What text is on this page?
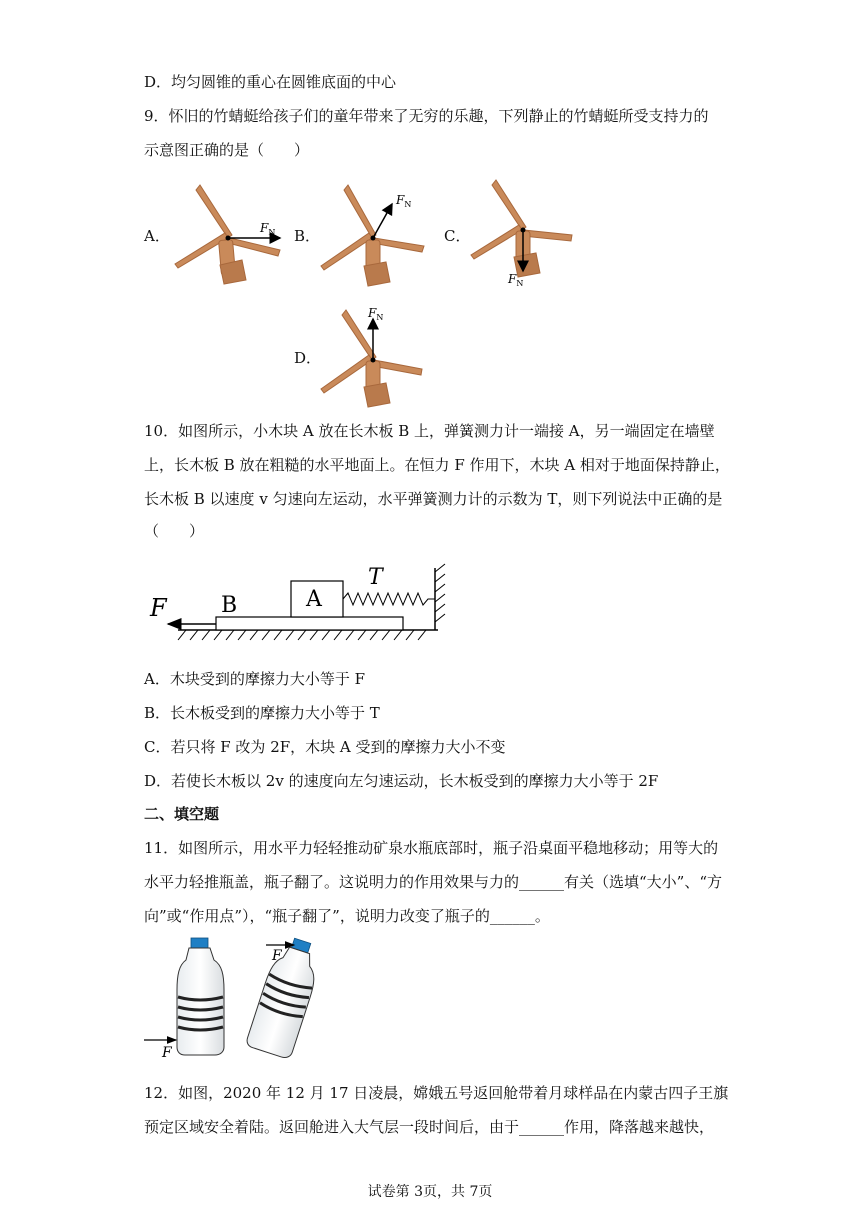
D．均匀圆锥的重心在圆锥底面的中心
9．怀旧的竹蜻蜓给孩子们的童年带来了无穷的乐趣，下列静止的竹蜻蜓所受支持力的
示意图正确的是（　　）
A．	B．	C．
D．
$F_N$
$F_N$
$F_N$
$F_N$
10．如图所示，小木块 A 放在长木板 B 上，弹簧测力计一端接 A，另一端固定在墙壁
上，长木板 B 放在粗糙的水平地面上。在恒力 F 作用下，木块 A 相对于地面保持静止，
长木板 B 以速度 v 匀速向左运动，水平弹簧测力计的示数为 T，则下列说法中正确的是
（　　）
F B	A
T
A．木块受到的摩擦力大小等于 F
B．长木板受到的摩擦力大小等于 T
C．若只将 F 改为 2F，木块 A 受到的摩擦力大小不变
D．若使长木板以 2v 的速度向左匀速运动，长木板受到的摩擦力大小等于 2F
二、填空题
11．如图所示，用水平力轻轻推动矿泉水瓶底部时，瓶子沿桌面平稳地移动；用等大的
水平力轻推瓶盖，瓶子翻了。这说明力的作用效果与力的______有关（选填“大小”、“方
向”或“作用点”），“瓶子翻了”，说明力改变了瓶子的______。
F
F
12．如图，2020 年 12 月 17 日凌晨，嫦娥五号返回舱带着月球样品在内蒙古四子王旗
预定区域安全着陆。返回舱进入大气层一段时间后，由于______作用，降落越来越快，
试卷第 3页，共 7页
